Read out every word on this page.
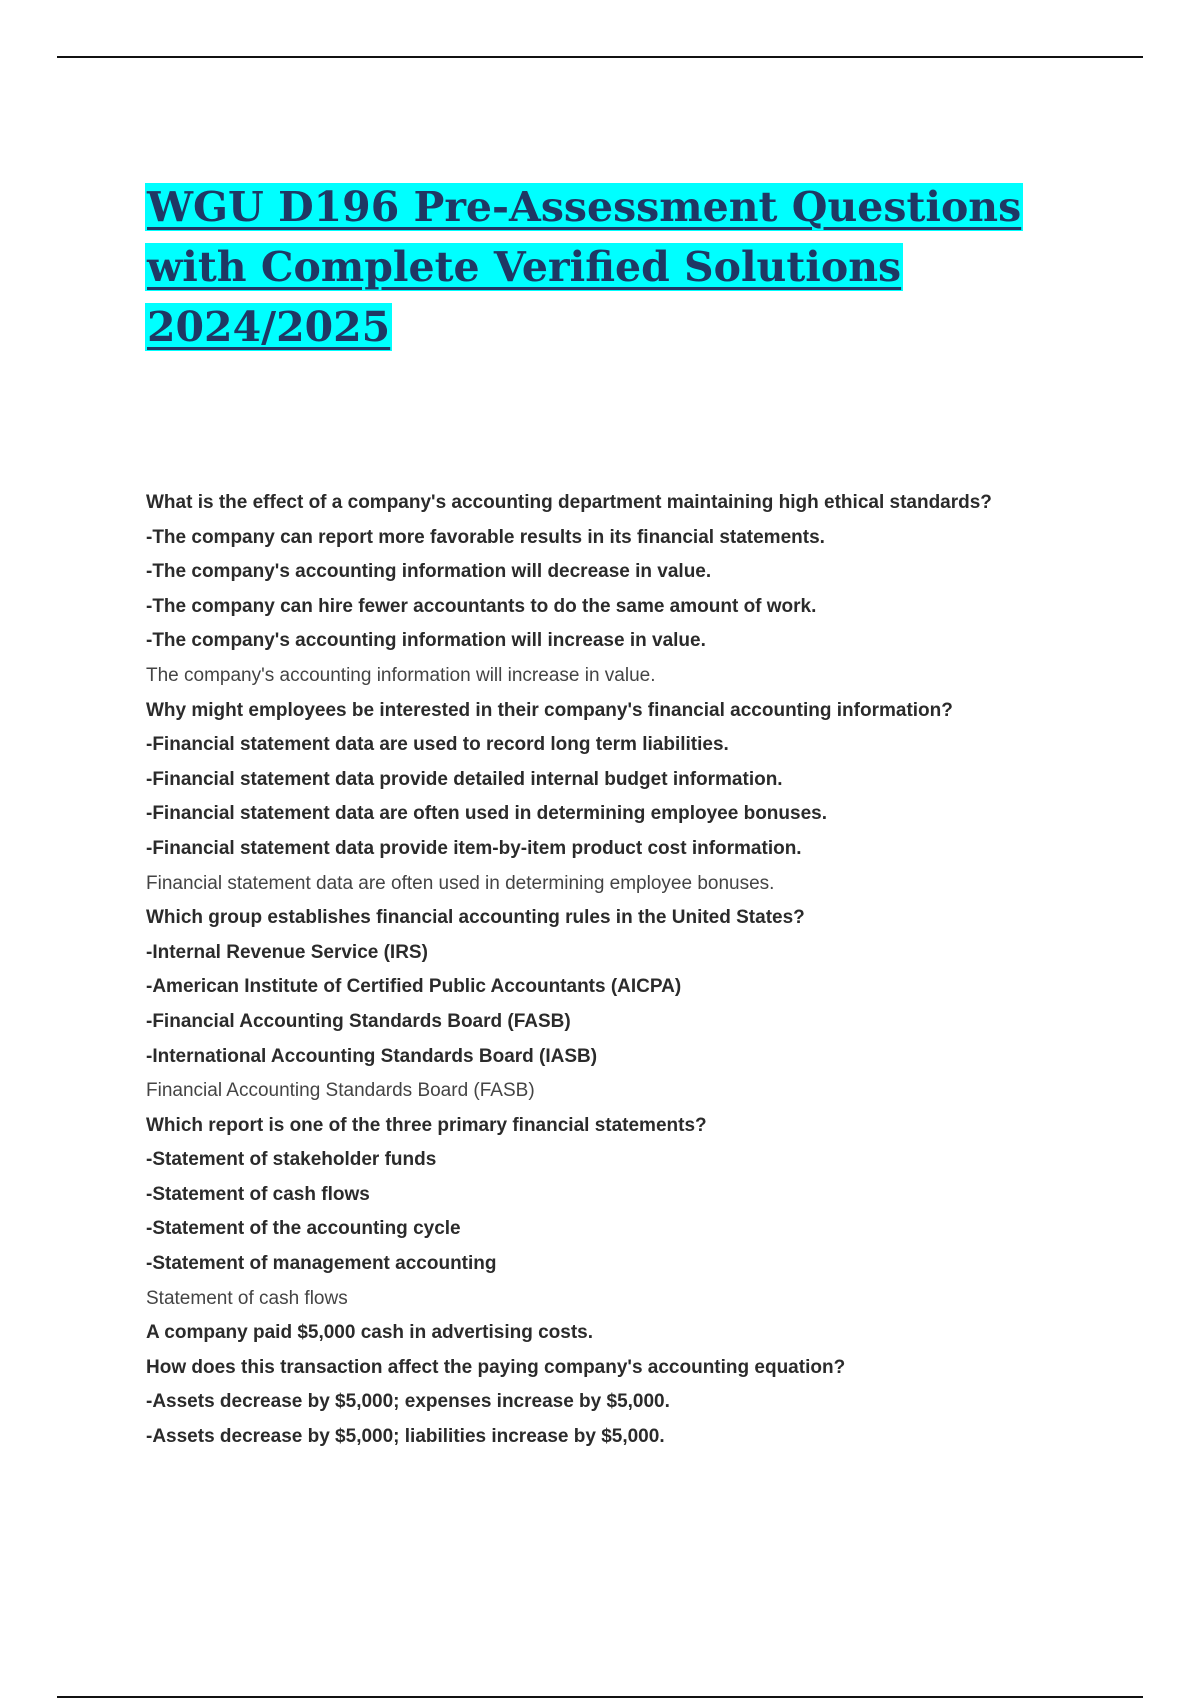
WGU D196 Pre-Assessment Questions
with Complete Verified Solutions
2024/2025
What is the effect of a company's accounting department maintaining high ethical standards?
-The company can report more favorable results in its financial statements.
-The company's accounting information will decrease in value.
-The company can hire fewer accountants to do the same amount of work.
-The company's accounting information will increase in value.
The company's accounting information will increase in value.
Why might employees be interested in their company's financial accounting information?
-Financial statement data are used to record long term liabilities.
-Financial statement data provide detailed internal budget information.
-Financial statement data are often used in determining employee bonuses.
-Financial statement data provide item-by-item product cost information.
Financial statement data are often used in determining employee bonuses.
Which group establishes financial accounting rules in the United States?
-Internal Revenue Service (IRS)
-American Institute of Certified Public Accountants (AICPA)
-Financial Accounting Standards Board (FASB)
-International Accounting Standards Board (IASB)
Financial Accounting Standards Board (FASB)
Which report is one of the three primary financial statements?
-Statement of stakeholder funds
-Statement of cash flows
-Statement of the accounting cycle
-Statement of management accounting
Statement of cash flows
A company paid $5,000 cash in advertising costs.
How does this transaction affect the paying company's accounting equation?
-Assets decrease by $5,000; expenses increase by $5,000.
-Assets decrease by $5,000; liabilities increase by $5,000.
